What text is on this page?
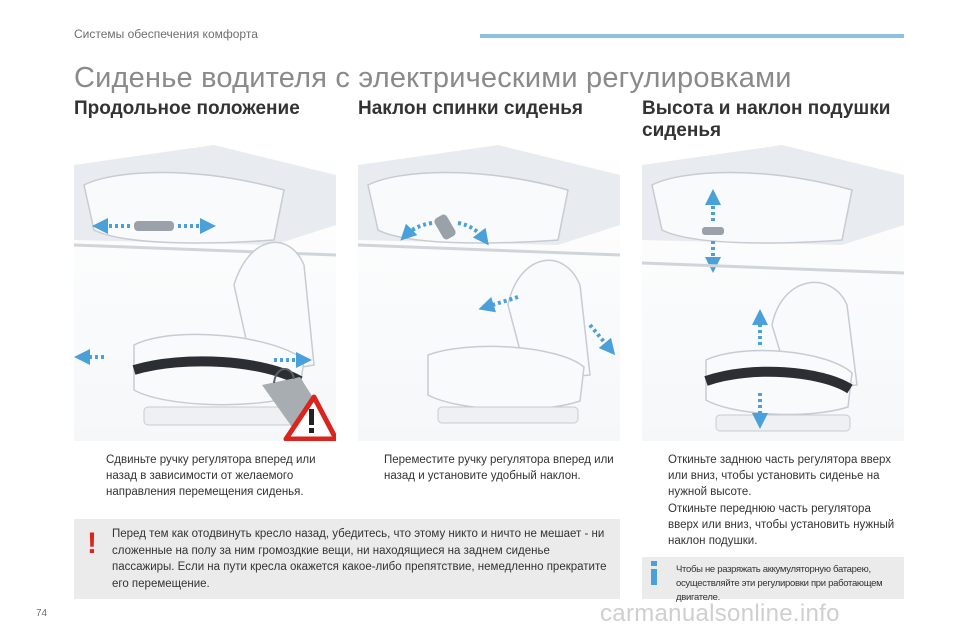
Системы обеспечения комфорта
Сиденье водителя с электрическими регулировками
Продольное положение
Сдвиньте ручку регулятора вперед или назад в зависимости от желаемого направления перемещения сиденья.
Наклон спинки сиденья
Переместите ручку регулятора вперед или назад и установите удобный наклон.
Высота и наклон подушки сиденья
Откиньте заднюю часть регулятора вверх или вниз, чтобы установить сиденье на нужной высоте.
Откиньте переднюю часть регулятора вверх или вниз, чтобы установить нужный наклон подушки.
! Перед тем как отодвинуть кресло назад, убедитесь, что этому никто и ничто не мешает - ни сложенные на полу за ним громоздкие вещи, ни находящиеся на заднем сиденье пассажиры. Если на пути кресла окажется какое-либо препятствие, немедленно прекратите его перемещение.
Чтобы не разряжать аккумуляторную батарею, осуществляйте эти регулировки при работающем двигателе.
74	carmanualsonline.info
